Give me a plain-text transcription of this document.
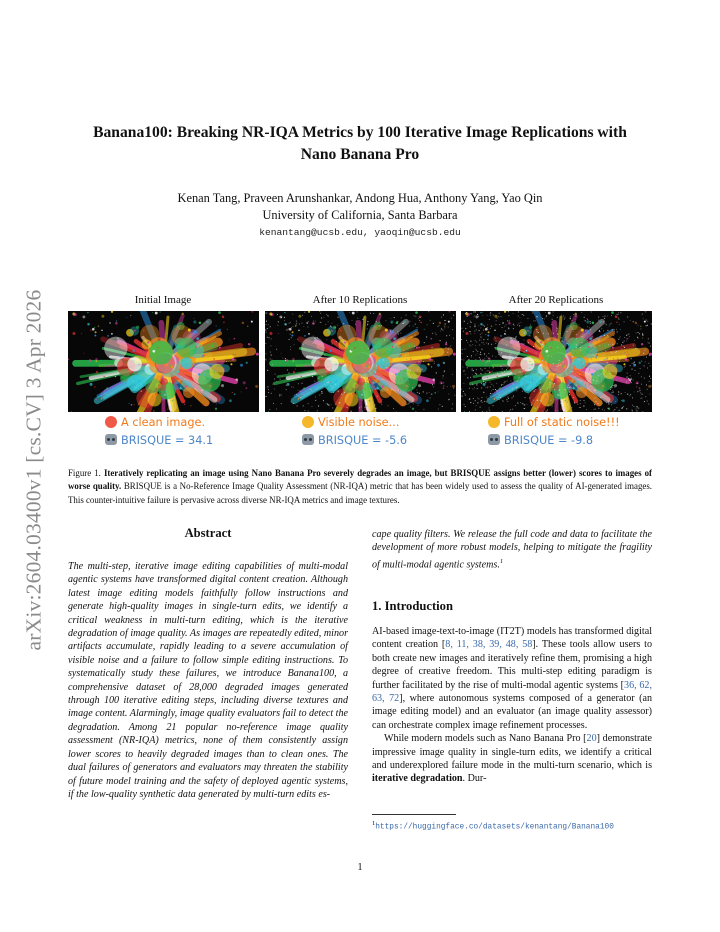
arXiv:2604.03400v1 [cs.CV] 3 Apr 2026
Banana100: Breaking NR-IQA Metrics by 100 Iterative Image Replications with
Nano Banana Pro
Kenan Tang, Praveen Arunshankar, Andong Hua, Anthony Yang, Yao Qin
University of California, Santa Barbara
kenantang@ucsb.edu, yaoqin@ucsb.edu
Initial Image	After 10 Replications	After 20 Replications
A clean image.
BRISQUE = 34.1
Visible noise...
BRISQUE = -5.6
Full of static noise!!!
BRISQUE = -9.8
Figure 1. Iteratively replicating an image using Nano Banana Pro severely degrades an image, but BRISQUE assigns better (lower) scores to images of worse quality. BRISQUE is a No-Reference Image Quality Assessment (NR-IQA) metric that has been widely used to assess the quality of AI-generated images. This counter-intuitive failure is pervasive across diverse NR-IQA metrics and image textures.
Abstract
The multi-step, iterative image editing capabilities of multi-modal agentic systems have transformed digital content creation. Although latest image editing models faithfully follow instructions and generate high-quality images in single-turn edits, we identify a critical weakness in multi-turn editing, which is the iterative degradation of image quality. As images are repeatedly edited, minor artifacts accumulate, rapidly leading to a severe accumulation of visible noise and a failure to follow simple editing instructions. To systematically study these failures, we introduce Banana100, a comprehensive dataset of 28,000 degraded images generated through 100 iterative editing steps, including diverse textures and image content. Alarmingly, image quality evaluators fail to detect the degradation. Among 21 popular no-reference image quality assessment (NR-IQA) metrics, none of them consistently assign lower scores to heavily degraded images than to clean ones. The dual failures of generators and evaluators may threaten the stability of future model training and the safety of deployed agentic systems, if the low-quality synthetic data generated by multi-turn edits es-
cape quality filters. We release the full code and data to facilitate the development of more robust models, helping to mitigate the fragility of multi-modal agentic systems.$^1$
1. Introduction

AI-based image-text-to-image (IT2T) models has transformed digital content creation [8, 11, 38, 39, 48, 58]. These tools allow users to both create new images and iteratively refine them, promising a high degree of creative freedom. This multi-step editing paradigm is further facilitated by the rise of multi-modal agentic systems [36, 62, 63, 72], where autonomous systems composed of a generator (an image editing model) and an evaluator (an image quality assessor) can orchestrate complex image refinement processes.

While modern models such as Nano Banana Pro [20] demonstrate impressive image quality in single-turn edits, we identify a critical and underexplored failure mode in the multi-turn scenario, which is iterative degradation. Dur-

$^1$https://huggingface.co/datasets/kenantang/Banana100
1
